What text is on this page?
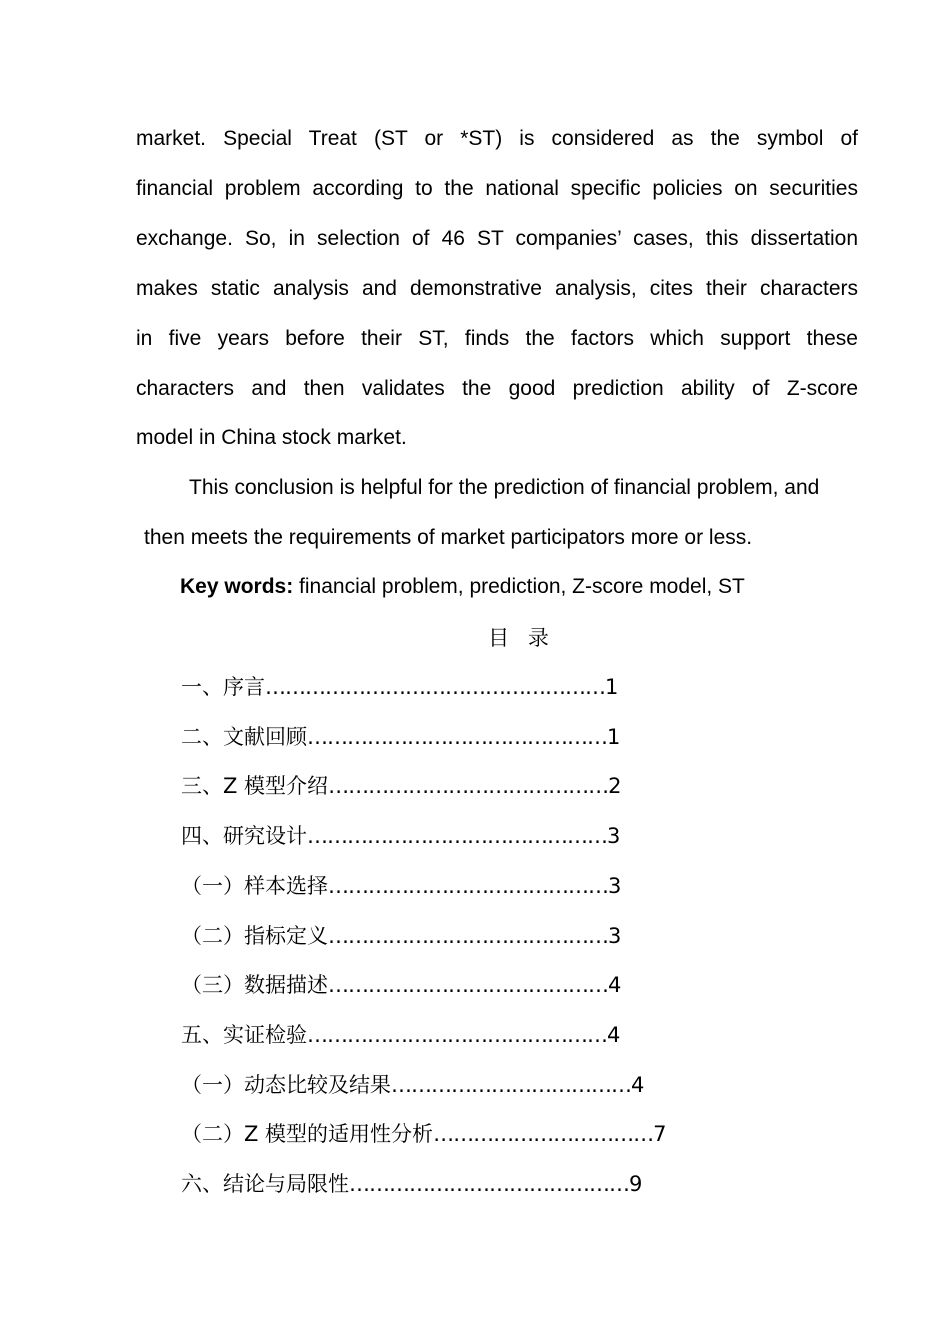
market. Special Treat (ST or *ST) is considered as the symbol of
financial problem according to the national specific policies on securities
exchange. So, in selection of 46 ST companies’ cases, this dissertation
makes static analysis and demonstrative analysis, cites their characters
in five years before their ST, finds the factors which support these
characters and then validates the good prediction ability of Z-score
model in China stock market.
This conclusion is helpful for the prediction of financial problem, and
then meets the requirements of market participators more or less.
Key words: financial problem, prediction, Z-score model, ST
目 录
一、序言……………………………………………1
二、文献回顾………………………………………1
三、Z 模型介绍……………………………………2
四、研究设计………………………………………3
（一）样本选择……………………………………3
（二）指标定义……………………………………3
（三）数据描述……………………………………4
五、实证检验………………………………………4
（一）动态比较及结果………………………………4
（二）Z 模型的适用性分析……………………………7
六、结论与局限性……………………………………9
